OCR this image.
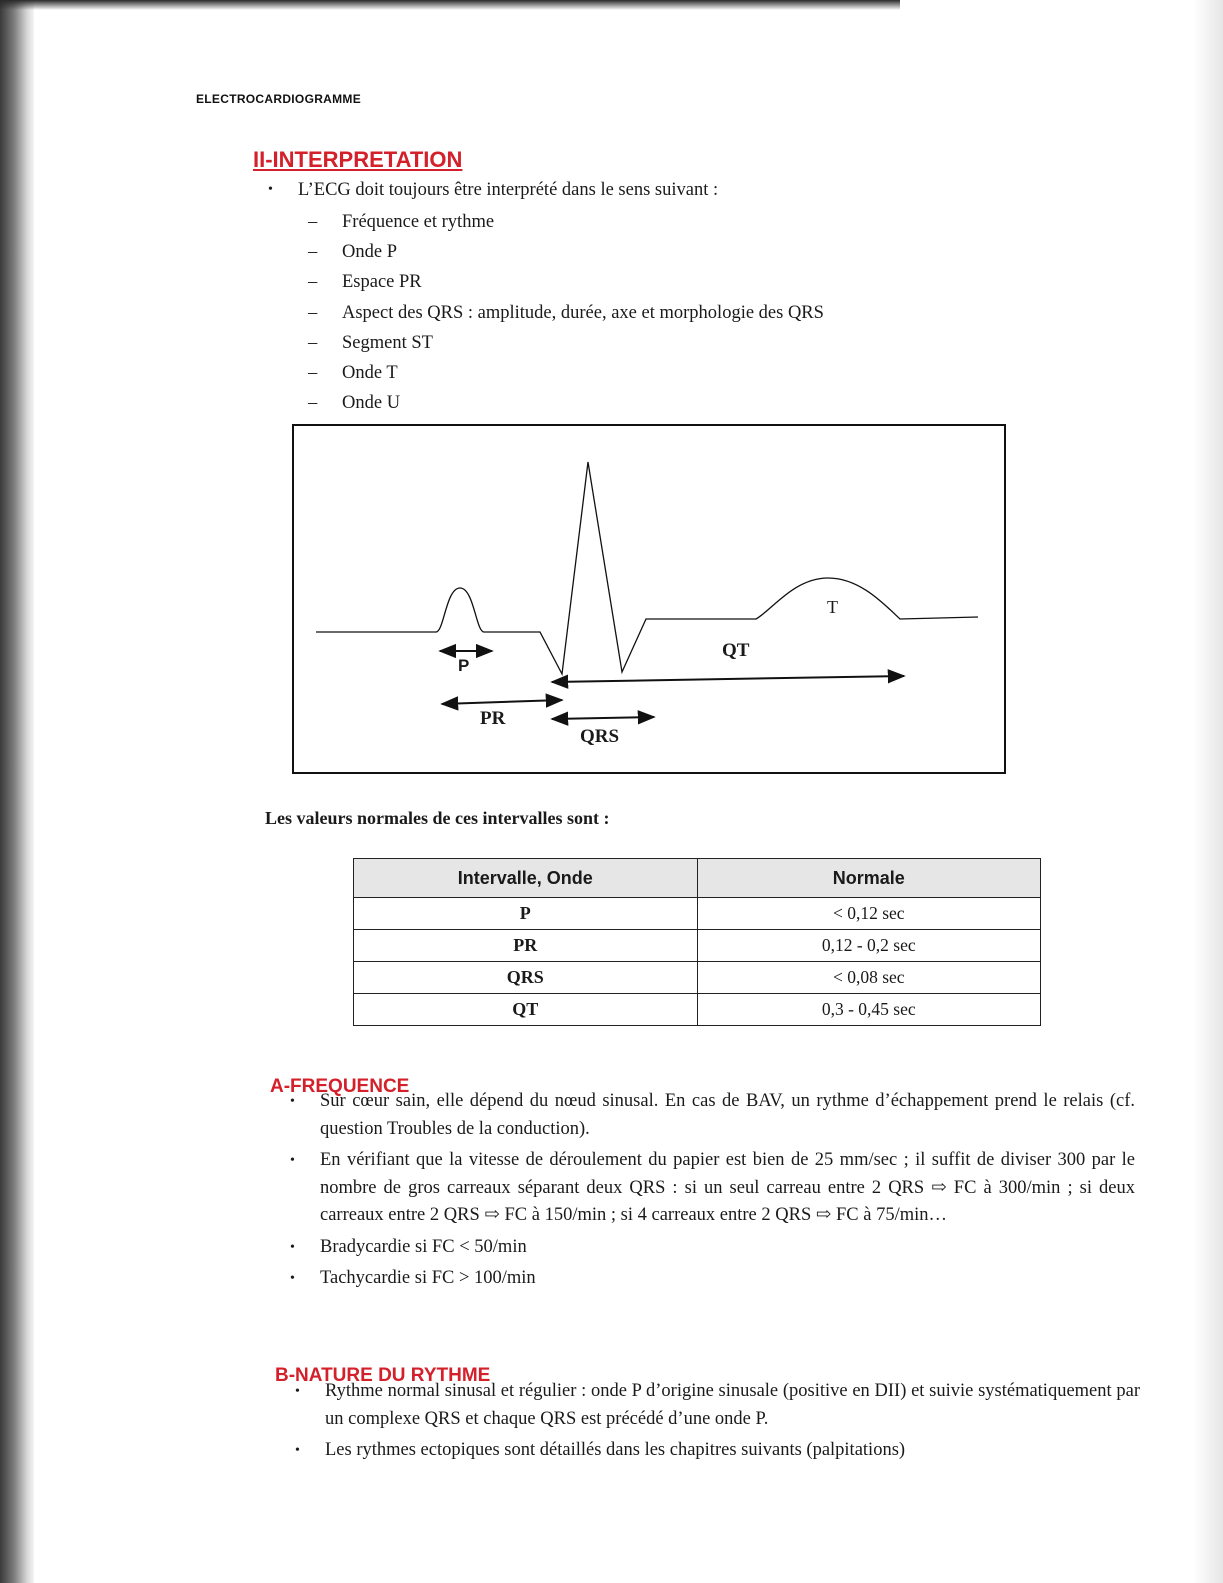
ELECTROCARDIOGRAMME
II-INTERPRETATION
• L’ECG doit toujours être interprété dans le sens suivant :
– Fréquence et rythme
– Onde P
– Espace PR
– Aspect des QRS : amplitude, durée, axe et morphologie des QRS
– Segment ST
– Onde T
– Onde U
T
QT
P
PR
QRS
Les valeurs normales de ces intervalles sont :
Intervalle, Onde	Normale
P	< 0,12 sec
PR	0,12 - 0,2 sec
QRS	< 0,08 sec
QT	0,3 - 0,45 sec
A-FREQUENCE
• Sur cœur sain, elle dépend du nœud sinusal. En cas de BAV, un rythme d’échappement prend le relais (cf. question Troubles de la conduction).
• En vérifiant que la vitesse de déroulement du papier est bien de 25 mm/sec ; il suffit de diviser 300 par le nombre de gros carreaux séparant deux QRS : si un seul carreau entre 2 QRS ⇨ FC à 300/min ; si deux carreaux entre 2 QRS ⇨ FC à 150/min ; si 4 carreaux entre 2 QRS ⇨ FC à 75/min…
• Bradycardie si FC < 50/min
• Tachycardie si FC > 100/min
B-NATURE DU RYTHME
• Rythme normal sinusal et régulier : onde P d’origine sinusale (positive en DII) et suivie systématiquement par un complexe QRS et chaque QRS est précédé d’une onde P.
• Les rythmes ectopiques sont détaillés dans les chapitres suivants (palpitations)
